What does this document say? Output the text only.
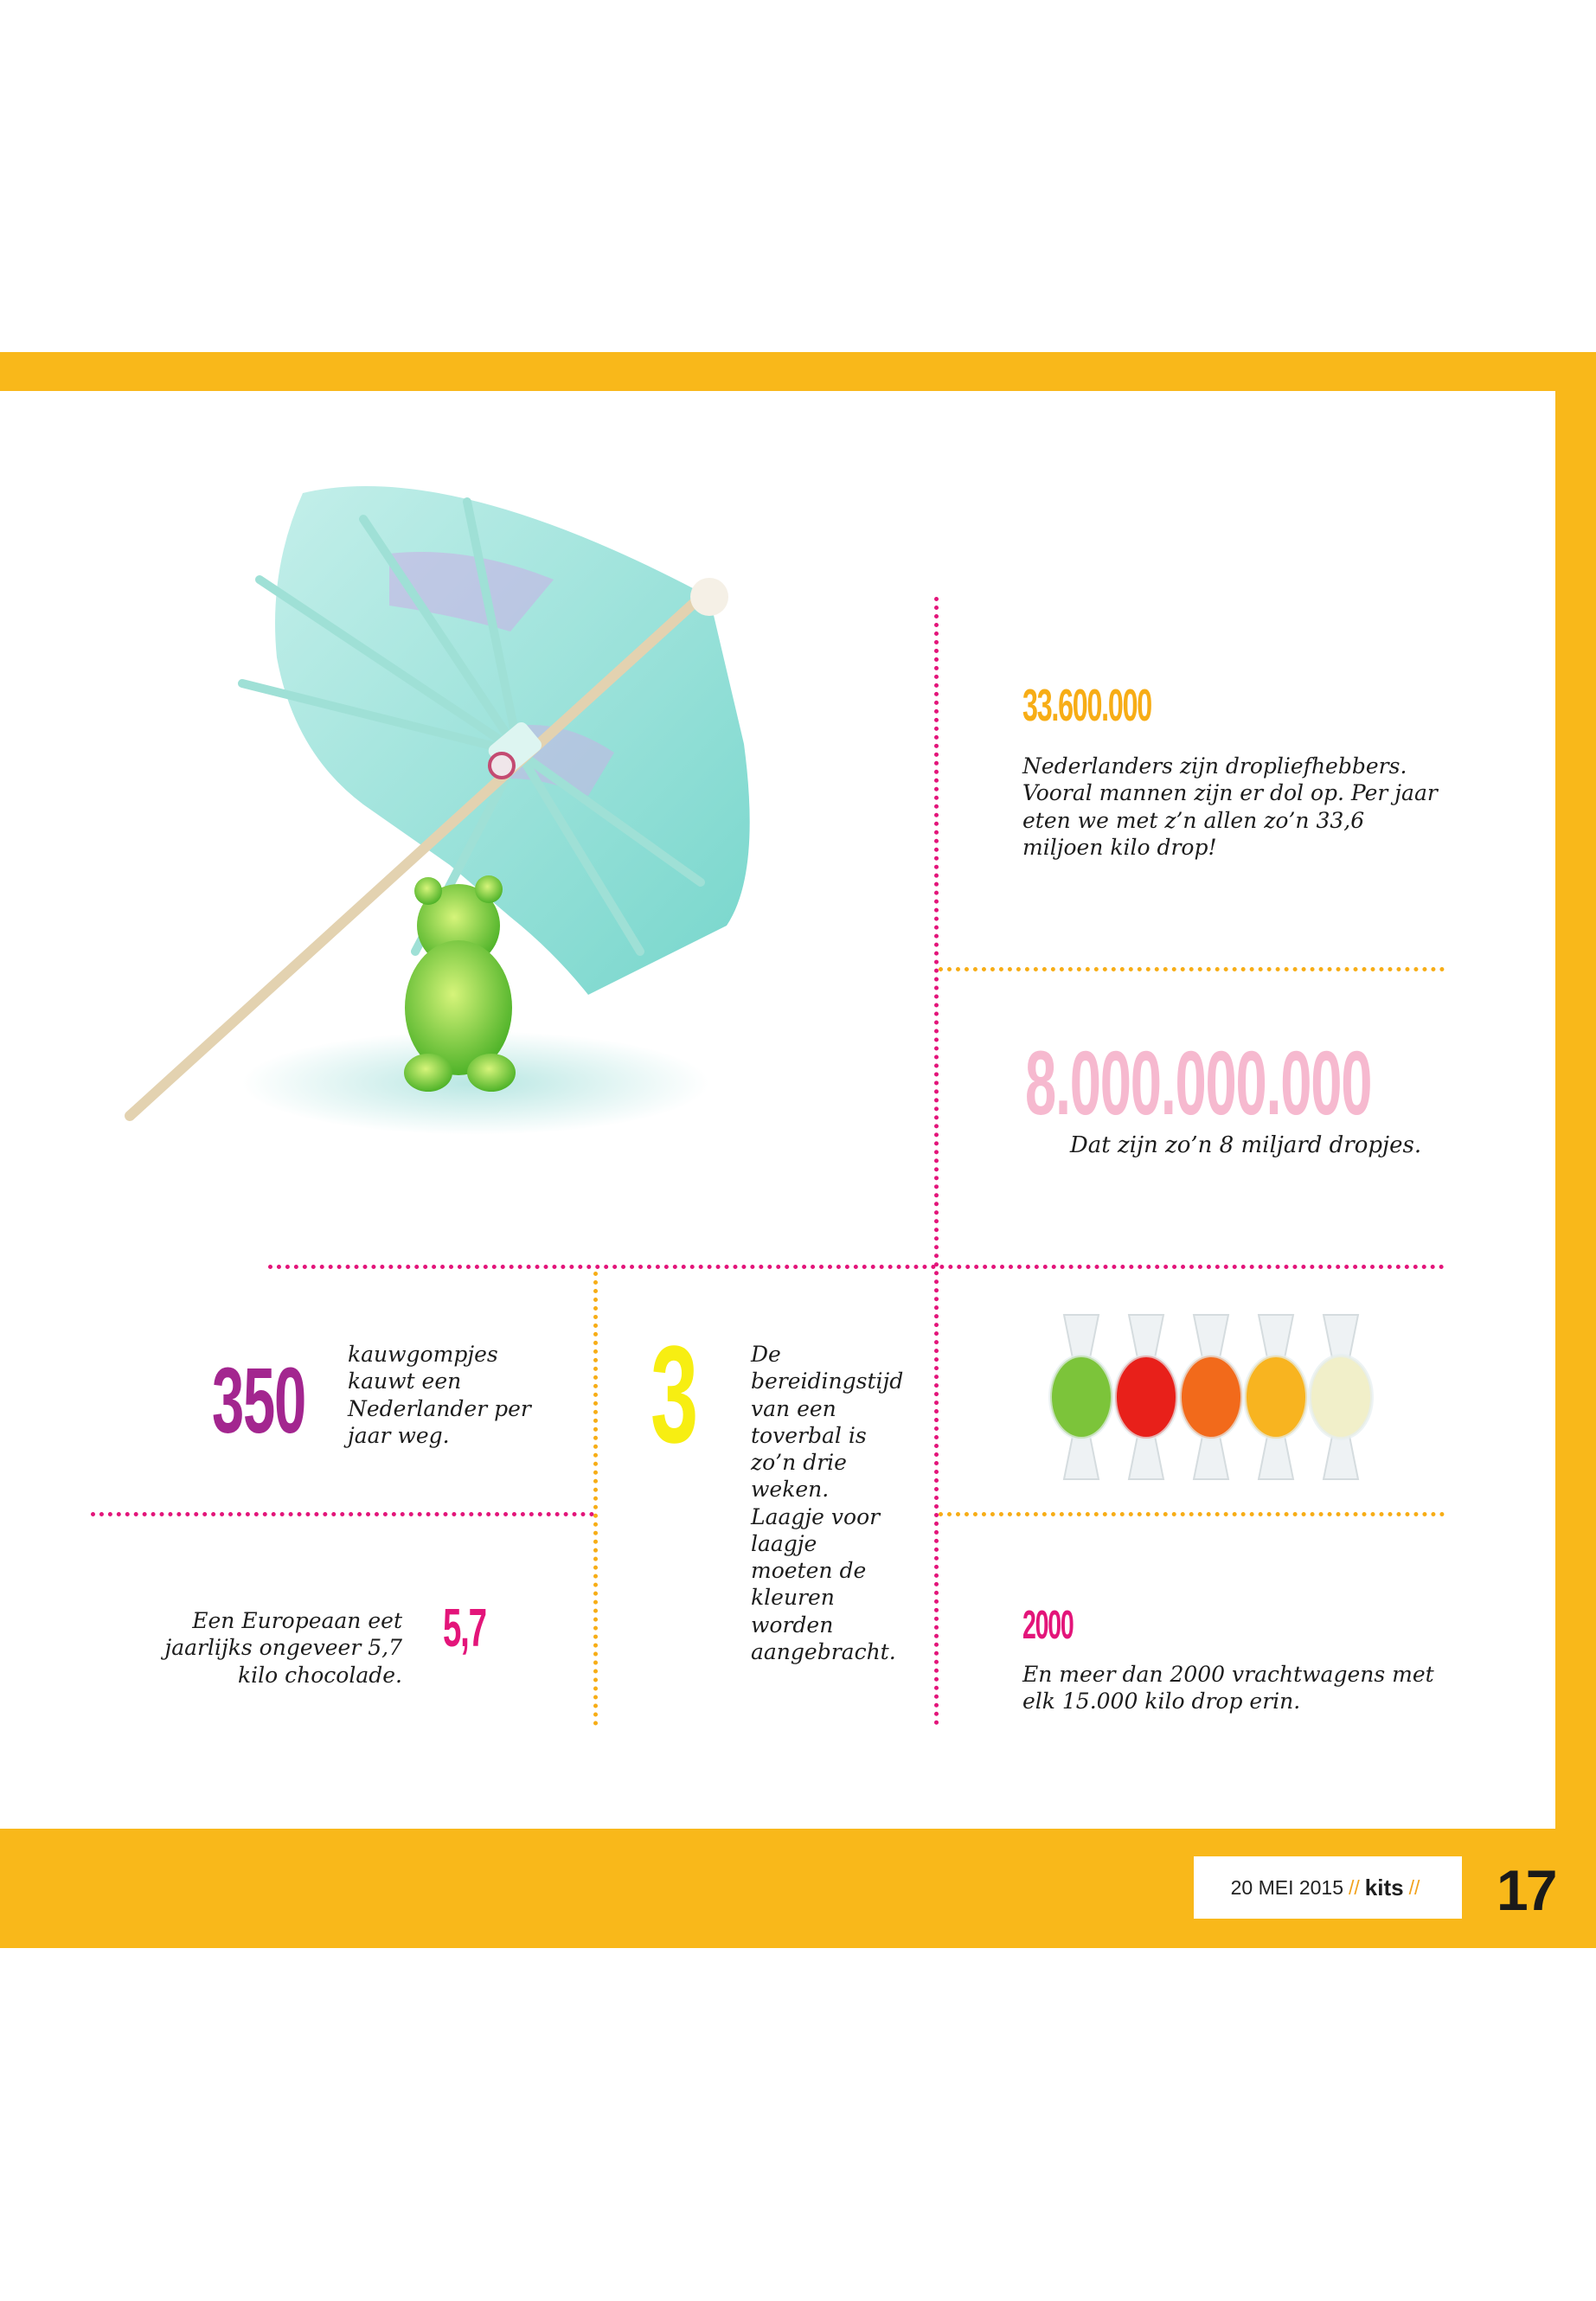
33.600.000
Nederlanders zijn dropliefhebbers. Vooral mannen zijn er dol op. Per jaar eten we met z’n allen zo’n 33,6 miljoen kilo drop!
8.000.000.000
Dat zijn zo’n 8 miljard dropjes.
350 kauwgompjes kauwt een Nederlander per jaar weg.	3 De bereidingstijd van een toverbal is zo’n drie weken. Laagje voor laagje moeten de kleuren worden aangebracht.
Een Europeaan eet jaarlijks ongeveer 5,7 kilo chocolade.
5,7	2000
En meer dan 2000 vrachtwagens met elk 15.000 kilo drop erin.
20 MEI 2015 // kits // 17
